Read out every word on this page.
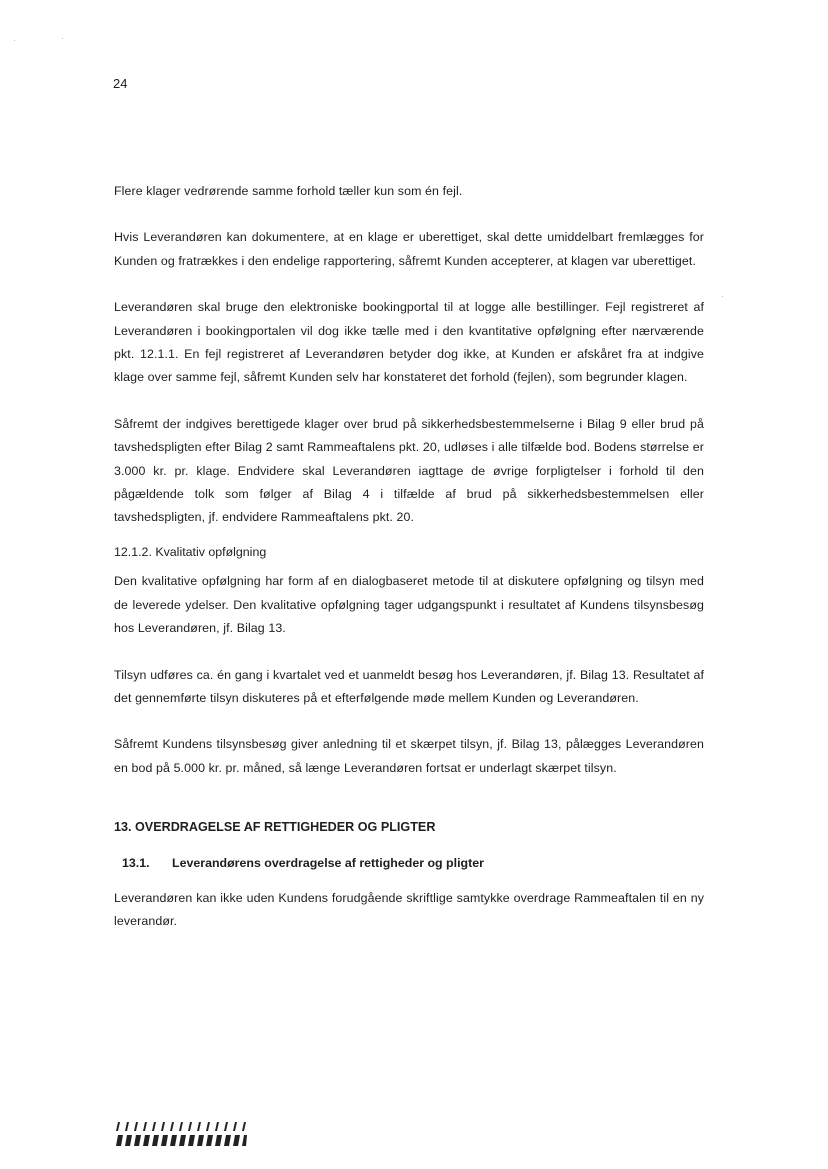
24

Flere klager vedrørende samme forhold tæller kun som én fejl.

Hvis Leverandøren kan dokumentere, at en klage er uberettiget, skal dette umiddelbart fremlægges for Kunden og fratrækkes i den endelige rapportering, såfremt Kunden accepterer, at klagen var uberettiget.

Leverandøren skal bruge den elektroniske bookingportal til at logge alle bestillinger. Fejl registreret af Leverandøren i bookingportalen vil dog ikke tælle med i den kvantitative opfølgning efter nærværende pkt. 12.1.1. En fejl registreret af Leverandøren betyder dog ikke, at Kunden er afskåret fra at indgive klage over samme fejl, såfremt Kunden selv har konstateret det forhold (fejlen), som begrunder klagen.

Såfremt der indgives berettigede klager over brud på sikkerhedsbestemmelserne i Bilag 9 eller brud på tavshedspligten efter Bilag 2 samt Rammeaftalens pkt. 20, udløses i alle tilfælde bod. Bodens størrelse er 3.000 kr. pr. klage. Endvidere skal Leverandøren iagttage de øvrige forpligtelser i forhold til den pågældende tolk som følger af Bilag 4 i tilfælde af brud på sikkerhedsbestemmelsen eller tavshedspligten, jf. endvidere Rammeaftalens pkt. 20.

12.1.2. Kvalitativ opfølgning

Den kvalitative opfølgning har form af en dialogbaseret metode til at diskutere opfølgning og tilsyn med de leverede ydelser. Den kvalitative opfølgning tager udgangspunkt i resultatet af Kundens tilsynsbesøg hos Leverandøren, jf. Bilag 13.

Tilsyn udføres ca. én gang i kvartalet ved et uanmeldt besøg hos Leverandøren, jf. Bilag 13. Resultatet af det gennemførte tilsyn diskuteres på et efterfølgende møde mellem Kunden og Leverandøren.

Såfremt Kundens tilsynsbesøg giver anledning til et skærpet tilsyn, jf. Bilag 13, pålægges Leverandøren en bod på 5.000 kr. pr. måned, så længe Leverandøren fortsat er underlagt skærpet tilsyn.

13. OVERDRAGELSE AF RETTIGHEDER OG PLIGTER

13.1. Leverandørens overdragelse af rettigheder og pligter

Leverandøren kan ikke uden Kundens forudgående skriftlige samtykke overdrage Rammeaftalen til en ny leverandør.
